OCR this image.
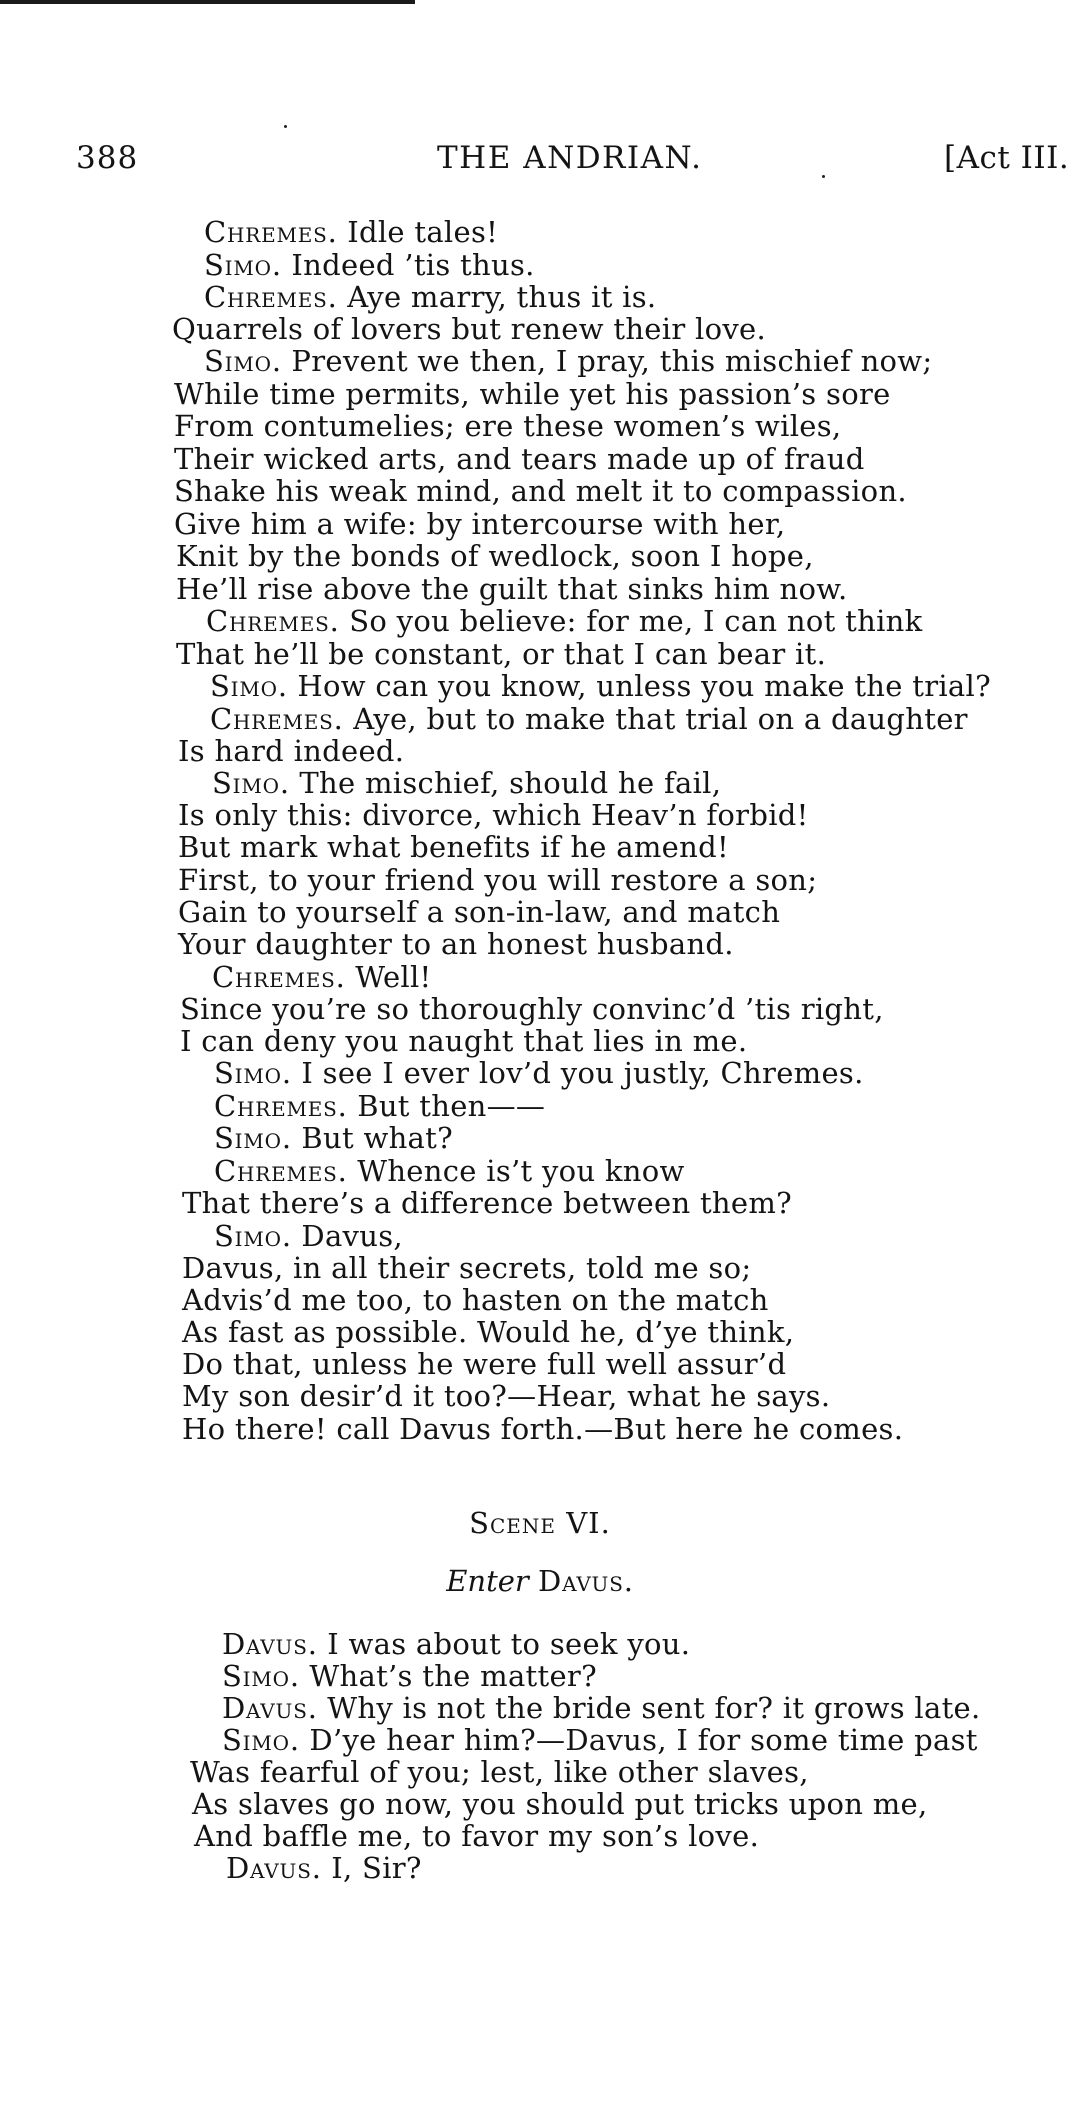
388	THE ANDRIAN.	[Act III.
Chremes. Idle tales!
Simo. Indeed ’tis thus.
Chremes. Aye marry, thus it is.
Quarrels of lovers but renew their love.
Simo. Prevent we then, I pray, this mischief now;
While time permits, while yet his passion’s sore
From contumelies; ere these women’s wiles,
Their wicked arts, and tears made up of fraud
Shake his weak mind, and melt it to compassion.
Give him a wife: by intercourse with her,
Knit by the bonds of wedlock, soon I hope,
He’ll rise above the guilt that sinks him now.
Chremes. So you believe: for me, I can not think
That he’ll be constant, or that I can bear it.
Simo. How can you know, unless you make the trial?
Chremes. Aye, but to make that trial on a daughter
Is hard indeed.
Simo. The mischief, should he fail,
Is only this: divorce, which Heav’n forbid!
But mark what benefits if he amend!
First, to your friend you will restore a son;
Gain to yourself a son-in-law, and match
Your daughter to an honest husband.
Chremes. Well!
Since you’re so thoroughly convinc’d ’tis right,
I can deny you naught that lies in me.
Simo. I see I ever lov’d you justly, Chremes.
Chremes. But then——
Simo. But what?
Chremes. Whence is’t you know
That there’s a difference between them?
Simo. Davus,
Davus, in all their secrets, told me so;
Advis’d me too, to hasten on the match
As fast as possible. Would he, d’ye think,
Do that, unless he were full well assur’d
My son desir’d it too?—Hear, what he says.
Ho there! call Davus forth.—But here he comes.
Scene VI.
Enter Davus.
Davus. I was about to seek you.
Simo. What’s the matter?
Davus. Why is not the bride sent for? it grows late.
Simo. D’ye hear him?—Davus, I for some time past
Was fearful of you; lest, like other slaves,
As slaves go now, you should put tricks upon me,
And baffle me, to favor my son’s love.
Davus. I, Sir?
